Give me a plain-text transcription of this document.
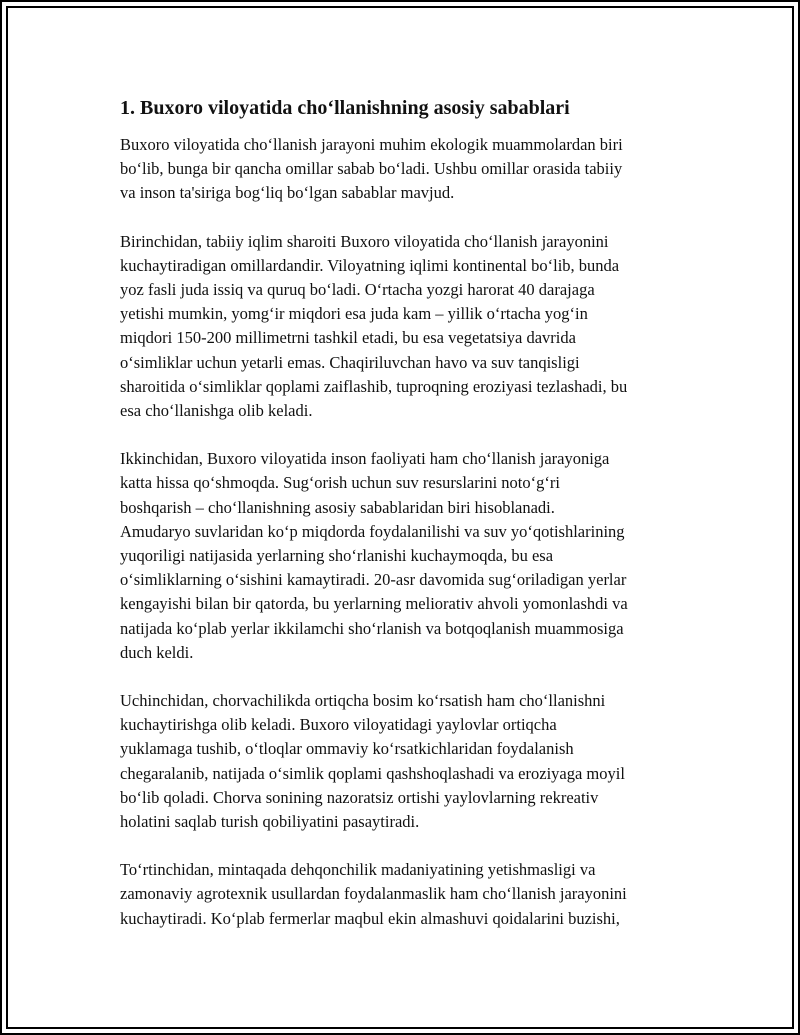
1. Buxoro viloyatida cho‘llanishning asosiy sabablari
Buxoro viloyatida cho‘llanish jarayoni muhim ekologik muammolardan biri
bo‘lib, bunga bir qancha omillar sabab bo‘ladi. Ushbu omillar orasida tabiiy
va inson ta'siriga bog‘liq bo‘lgan sabablar mavjud.
Birinchidan, tabiiy iqlim sharoiti Buxoro viloyatida cho‘llanish jarayonini
kuchaytiradigan omillardandir. Viloyatning iqlimi kontinental bo‘lib, bunda
yoz fasli juda issiq va quruq bo‘ladi. O‘rtacha yozgi harorat 40 darajaga
yetishi mumkin, yomg‘ir miqdori esa juda kam – yillik o‘rtacha yog‘in
miqdori 150-200 millimetrni tashkil etadi, bu esa vegetatsiya davrida
o‘simliklar uchun yetarli emas. Chaqiriluvchan havo va suv tanqisligi
sharoitida o‘simliklar qoplami zaiflashib, tuproqning eroziyasi tezlashadi, bu
esa cho‘llanishga olib keladi.
Ikkinchidan, Buxoro viloyatida inson faoliyati ham cho‘llanish jarayoniga
katta hissa qo‘shmoqda. Sug‘orish uchun suv resurslarini noto‘g‘ri
boshqarish – cho‘llanishning asosiy sabablaridan biri hisoblanadi.
Amudaryo suvlaridan ko‘p miqdorda foydalanilishi va suv yo‘qotishlarining
yuqoriligi natijasida yerlarning sho‘rlanishi kuchaymoqda, bu esa
o‘simliklarning o‘sishini kamaytiradi. 20-asr davomida sug‘oriladigan yerlar
kengayishi bilan bir qatorda, bu yerlarning meliorativ ahvoli yomonlashdi va
natijada ko‘plab yerlar ikkilamchi sho‘rlanish va botqoqlanish muammosiga
duch keldi.
Uchinchidan, chorvachilikda ortiqcha bosim ko‘rsatish ham cho‘llanishni
kuchaytirishga olib keladi. Buxoro viloyatidagi yaylovlar ortiqcha
yuklamaga tushib, o‘tloqlar ommaviy ko‘rsatkichlaridan foydalanish
chegaralanib, natijada o‘simlik qoplami qashshoqlashadi va eroziyaga moyil
bo‘lib qoladi. Chorva sonining nazoratsiz ortishi yaylovlarning rekreativ
holatini saqlab turish qobiliyatini pasaytiradi.
To‘rtinchidan, mintaqada dehqonchilik madaniyatining yetishmasligi va
zamonaviy agrotexnik usullardan foydalanmaslik ham cho‘llanish jarayonini
kuchaytiradi. Ko‘plab fermerlar maqbul ekin almashuvi qoidalarini buzishi,
